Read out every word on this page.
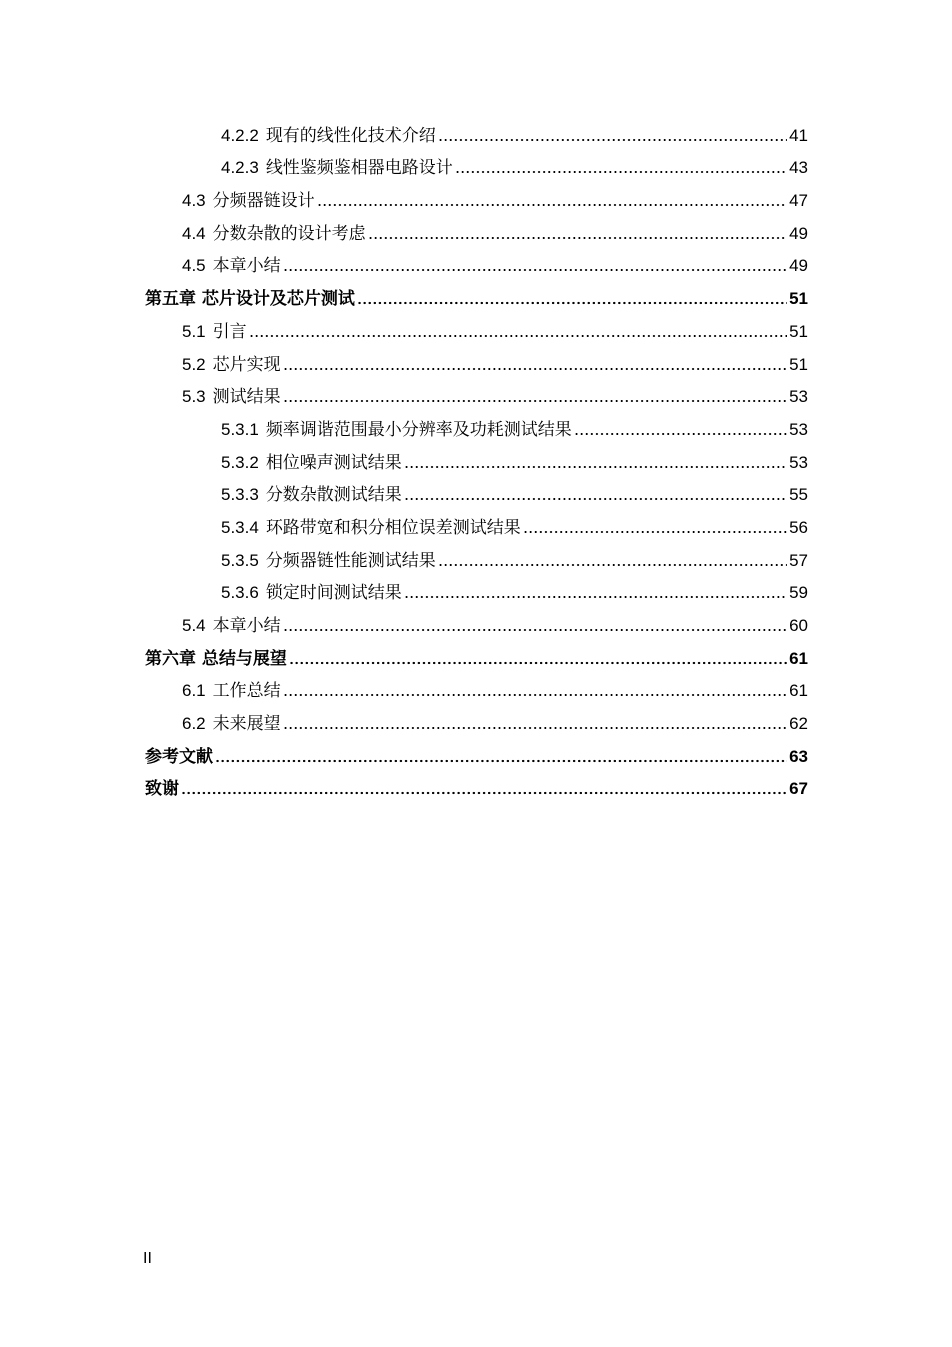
4.2.2 现有的线性化技术介绍	41
4.2.3 线性鉴频鉴相器电路设计	43
4.3 分频器链设计	47
4.4 分数杂散的设计考虑	49
4.5 本章小结	49
第五章 芯片设计及芯片测试	51
5.1 引言	51
5.2 芯片实现	51
5.3 测试结果	53
5.3.1 频率调谐范围最小分辨率及功耗测试结果	53
5.3.2 相位噪声测试结果	53
5.3.3 分数杂散测试结果	55
5.3.4 环路带宽和积分相位误差测试结果	56
5.3.5 分频器链性能测试结果	57
5.3.6 锁定时间测试结果	59
5.4 本章小结	60
第六章 总结与展望	61
6.1 工作总结	61
6.2 未来展望	62
参考文献	63
致谢	67
II
